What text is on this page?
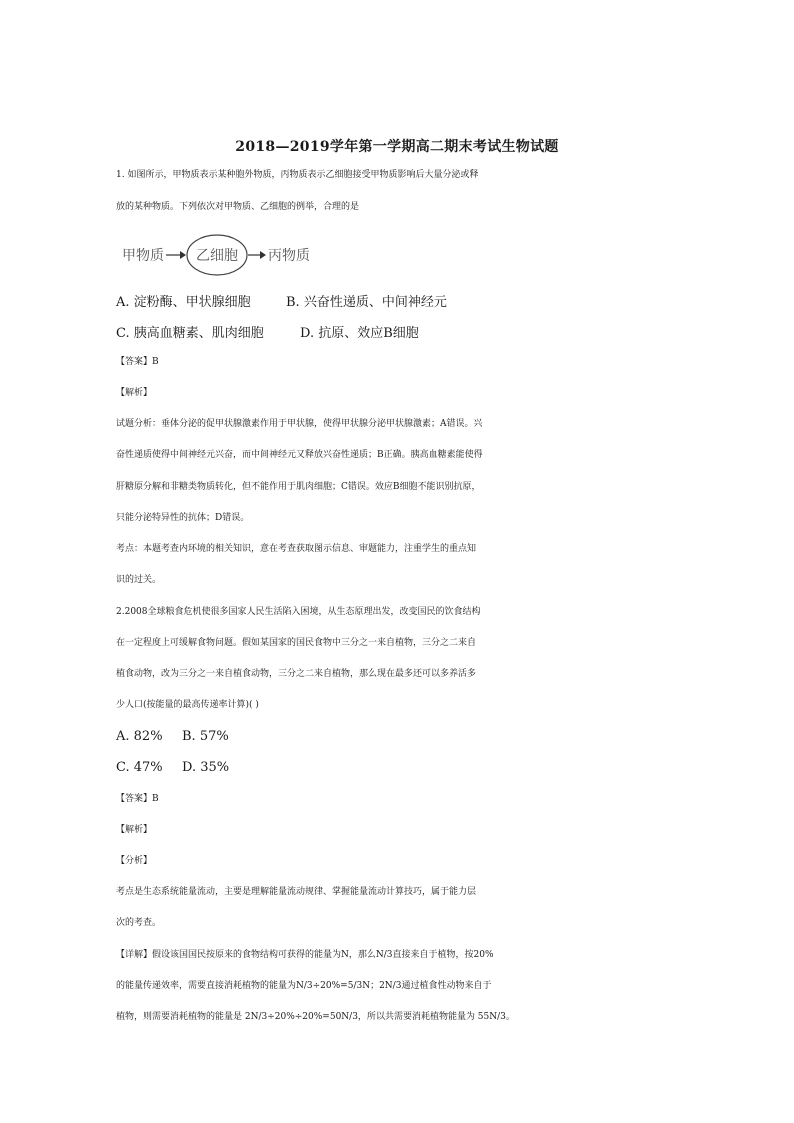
2018—2019学年第一学期高二期末考试生物试题
1. 如图所示，甲物质表示某种胞外物质，丙物质表示乙细胞接受甲物质影响后大量分泌或释
放的某种物质。下列依次对甲物质、乙细胞的例举，合理的是
甲物质 乙细胞 丙物质
A. 淀粉酶、甲状腺细胞	B. 兴奋性递质、中间神经元
C. 胰高血糖素、肌肉细胞	D. 抗原、效应B细胞
【答案】B
【解析】
试题分析：垂体分泌的促甲状腺激素作用于甲状腺，使得甲状腺分泌甲状腺激素；A错误。兴
奋性递质使得中间神经元兴奋，而中间神经元又释放兴奋性递质；B正确。胰高血糖素能使得
肝糖原分解和非糖类物质转化，但不能作用于肌肉细胞；C错误。效应B细胞不能识别抗原，
只能分泌特异性的抗体；D错误。
考点：本题考查内环境的相关知识，意在考查获取图示信息、审题能力，注重学生的重点知
识的过关。
2.2008全球粮食危机使很多国家人民生活陷入困境，从生态原理出发，改变国民的饮食结构
在一定程度上可缓解食物问题。假如某国家的国民食物中三分之一来自植物，三分之二来自
植食动物，改为三分之一来自植食动物，三分之二来自植物，那么现在最多还可以多养活多
少人口(按能量的最高传递率计算)( )
A. 82% B. 57%
C. 47% D. 35%
【答案】B
【解析】
【分析】
考点是生态系统能量流动，主要是理解能量流动规律、掌握能量流动计算技巧，属于能力层
次的考查。
【详解】假设该国国民按原来的食物结构可获得的能量为N，那么N/3直接来自于植物，按20%
的能量传递效率，需要直接消耗植物的能量为N/3÷20%=5/3N；2N/3通过植食性动物来自于
植物，则需要消耗植物的能量是 2N/3÷20%÷20%=50N/3，所以共需要消耗植物能量为 55N/3。
